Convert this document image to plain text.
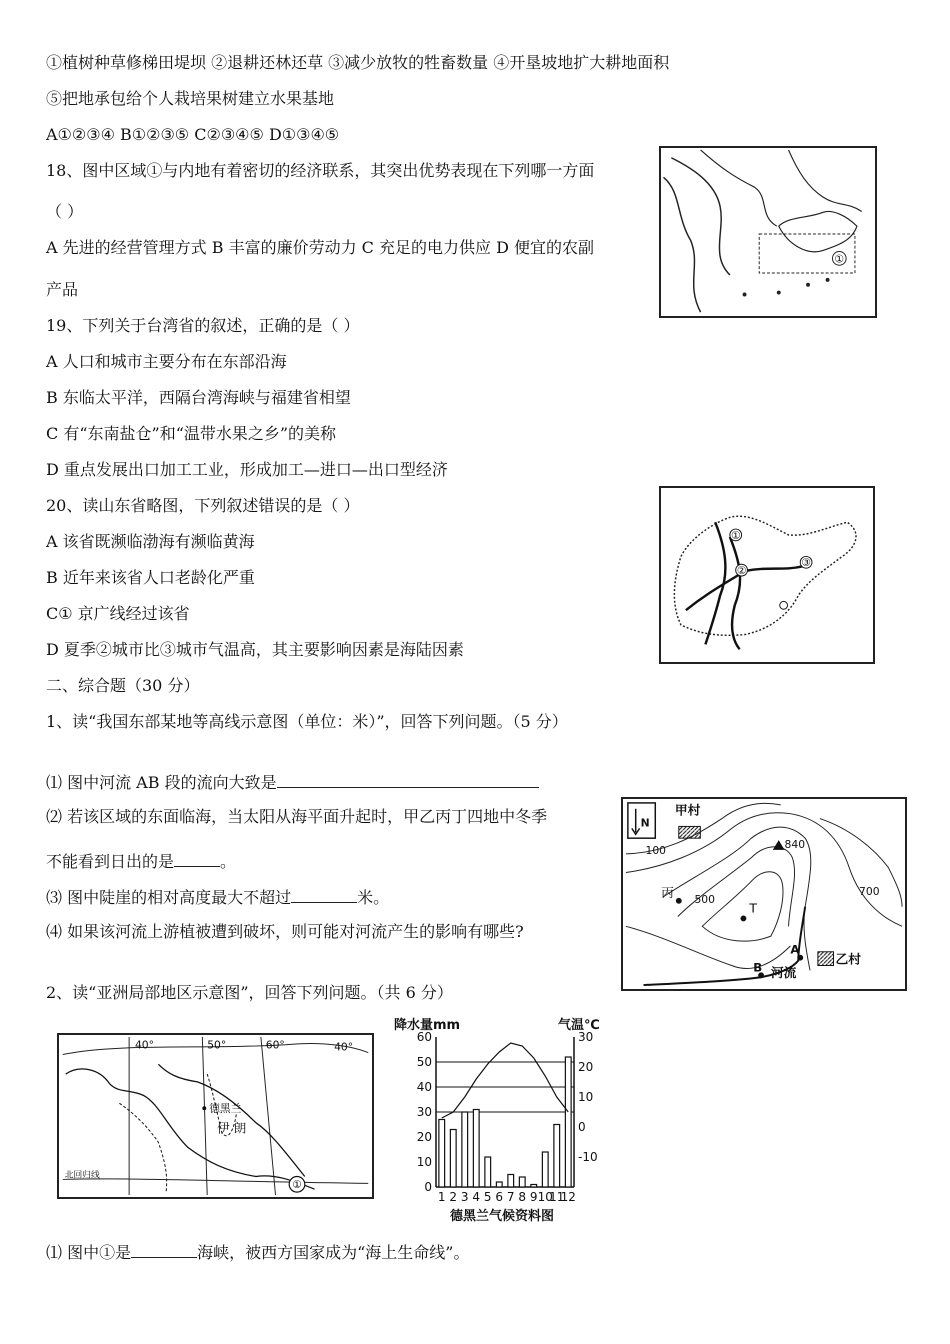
①植树种草修梯田堤坝 ②退耕还林还草 ③减少放牧的牲畜数量 ④开垦坡地扩大耕地面积
⑤把地承包给个人栽培果树建立水果基地
A①②③④ B①②③⑤ C②③④⑤ D①③④⑤
18、图中区域①与内地有着密切的经济联系，其突出优势表现在下列哪一方面
（ ）
A 先进的经营管理方式 B 丰富的廉价劳动力 C 充足的电力供应 D 便宜的农副
产品
19、下列关于台湾省的叙述，正确的是（ ）
A 人口和城市主要分布在东部沿海
B 东临太平洋，西隔台湾海峡与福建省相望
C 有“东南盐仓”和“温带水果之乡”的美称
D 重点发展出口加工工业，形成加工—进口—出口型经济
20、读山东省略图，下列叙述错误的是（ ）
A 该省既濒临渤海有濒临黄海
B 近年来该省人口老龄化严重
C① 京广线经过该省
D 夏季②城市比③城市气温高，其主要影响因素是海陆因素
二、综合题（30 分）
1、读“我国东部某地等高线示意图（单位：米）”，回答下列问题。（5 分）
⑴ 图中河流 AB 段的流向大致是
⑵ 若该区域的东面临海，当太阳从海平面升起时，甲乙丙丁四地中冬季
不能看到日出的是	。
⑶ 图中陡崖的相对高度最大不超过	米。
⑷ 如果该河流上游植被遭到破坏，则可能对河流产生的影响有哪些?
2、读“亚洲局部地区示意图”，回答下列问题。（共 6 分）
⑴ 图中①是	海峡，被西方国家成为“海上生命线”。
①
①
②
③
N
甲村
100
500
700
840
丙
T
A
B 河流
乙村
40°	50°	60°	40°
德黑兰
伊 朗
北回归线
①
降水量mm	气温℃
德黑兰气候资料图
0
10
20
30
40
50
60
-10
0
10
20
30
1 2 3 4 5 6 7 8 9 10
11
12
